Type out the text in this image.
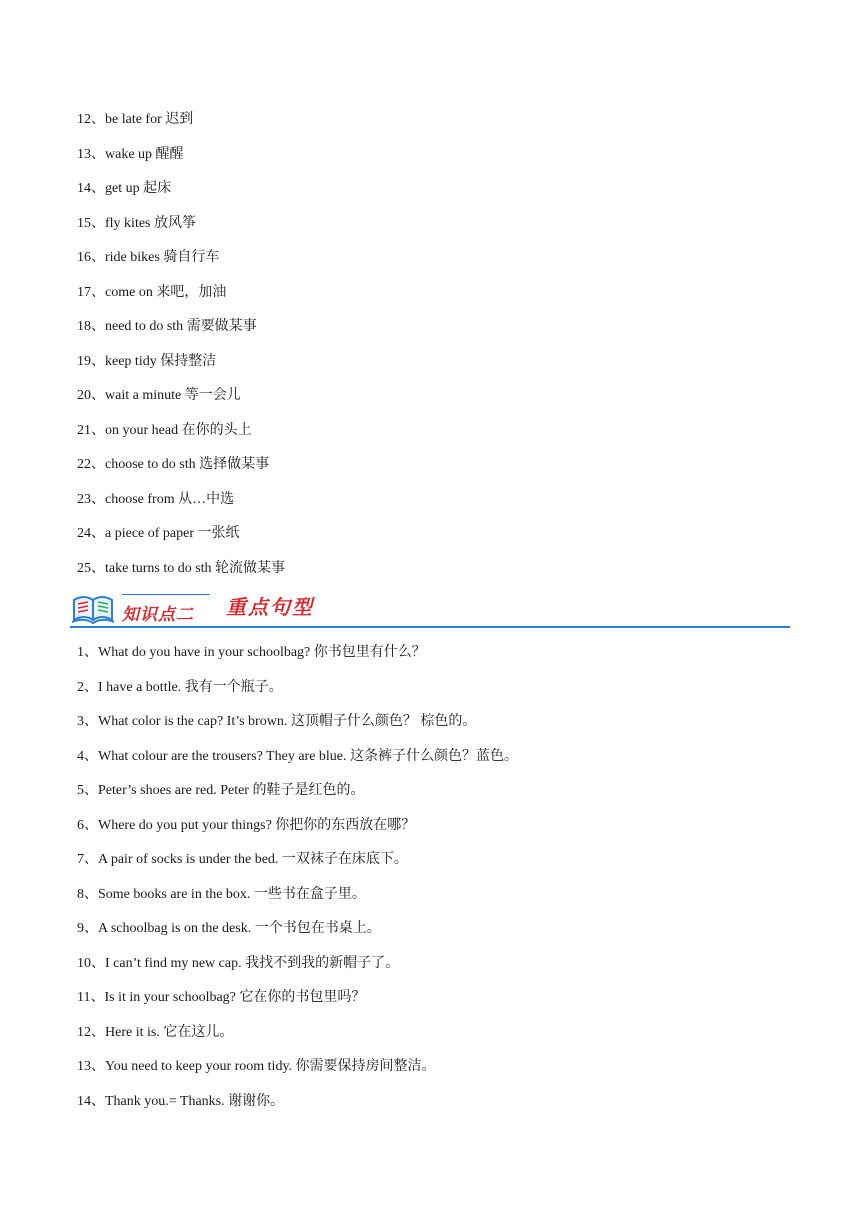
12、be late for 迟到
13、wake up 醒醒
14、get up 起床
15、fly kites 放风筝
16、ride bikes 骑自行车
17、come on 来吧，加油
18、need to do sth 需要做某事
19、keep tidy 保持整洁
20、wait a minute 等一会儿
21、on your head 在你的头上
22、choose to do sth 选择做某事
23、choose from 从…中选
24、a piece of paper 一张纸
25、take turns to do sth 轮流做某事
知识点二 重点句型
1、What do you have in your schoolbag? 你书包里有什么？
2、I have a bottle. 我有一个瓶子。
3、What color is the cap? It’s brown. 这顶帽子什么颜色？ 棕色的。
4、What colour are the trousers? They are blue. 这条裤子什么颜色？蓝色。
5、Peter’s shoes are red. Peter 的鞋子是红色的。
6、Where do you put your things? 你把你的东西放在哪？
7、A pair of socks is under the bed. 一双袜子在床底下。
8、Some books are in the box. 一些书在盒子里。
9、A schoolbag is on the desk. 一个书包在书桌上。
10、I can’t find my new cap. 我找不到我的新帽子了。
11、Is it in your schoolbag? 它在你的书包里吗？
12、Here it is. 它在这儿。
13、You need to keep your room tidy. 你需要保持房间整洁。
14、Thank you.= Thanks. 谢谢你。
